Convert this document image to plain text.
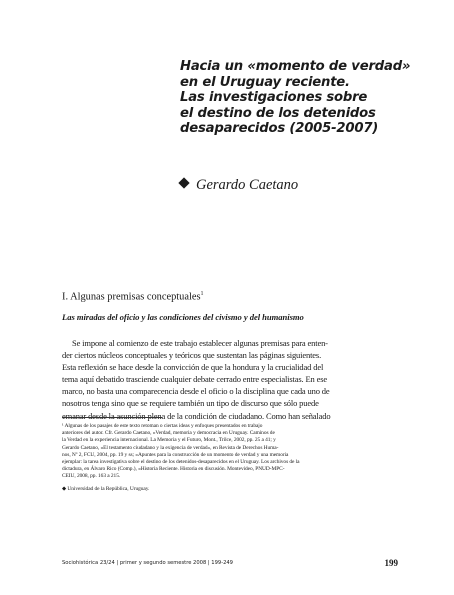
Hacia un «momento de verdad»
en el Uruguay reciente.
Las investigaciones sobre
el destino de los detenidos
desaparecidos (2005-2007)
Gerardo Caetano
I. Algunas premisas conceptuales$^1$
Las miradas del oficio y las condiciones del civismo y del humanismo
Se impone al comienzo de este trabajo establecer algunas premisas para enten-
der ciertos núcleos conceptuales y teóricos que sustentan las páginas siguientes.
Esta reflexión se hace desde la convicción de que la hondura y la crucialidad del
tema aquí debatido trasciende cualquier debate cerrado entre especialistas. En ese
marco, no basta una comparecencia desde el oficio o la disciplina que cada uno de
nosotros tenga sino que se requiere también un tipo de discurso que sólo puede
emanar desde la asunción plena de la condición de ciudadano. Como han señalado
¹ Algunas de los pasajes de este texto retoman o ciertas ideas y enfoques presentados en trabajo
anteriores del autor. Cfr. Gerardo Caetano, «Verdad, memoria y democracia en Uruguay. Caminos de
la Verdad en la experiencia internacional. La Memoria y el Futuro, Mont., Trilce, 2002, pp. 25 a 41; y
Gerardo Caetano, «El testamento ciudadano y la exigencia de verdad», en Revista de Derechos Huma-
nos, Nº 2, FCU, 2004, pp. 19 y ss; «Apuntes para la construcción de un momento de verdad y una memoria
ejemplar: la tarea investigativa sobre el destino de los detenidos-desaparecidos en el Uruguay. Los archivos de la
dictadura, en Álvaro Rico (Comp.), «Historia Reciente. Historia en discusión. Montevideo, PNUD-MPC-
CEIU, 2008, pp. 163 a 215.
◆ Universidad de la República, Uruguay.
Sociohistórica 23/24 | primer y segundo semestre 2008 | 199-249	199
